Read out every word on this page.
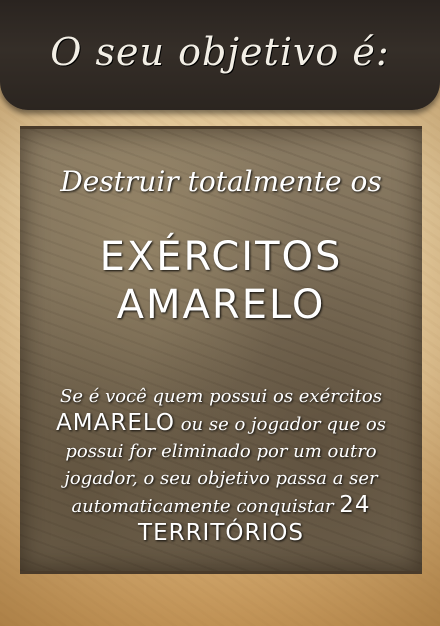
O seu objetivo é:
Destruir totalmente os
EXÉRCITOS
AMARELO
Se é você quem possui os exércitos
AMARELO ou se o jogador que os possui for eliminado por um outro jogador, o seu objetivo passa a ser automaticamente conquistar 24 TERRITÓRIOS
